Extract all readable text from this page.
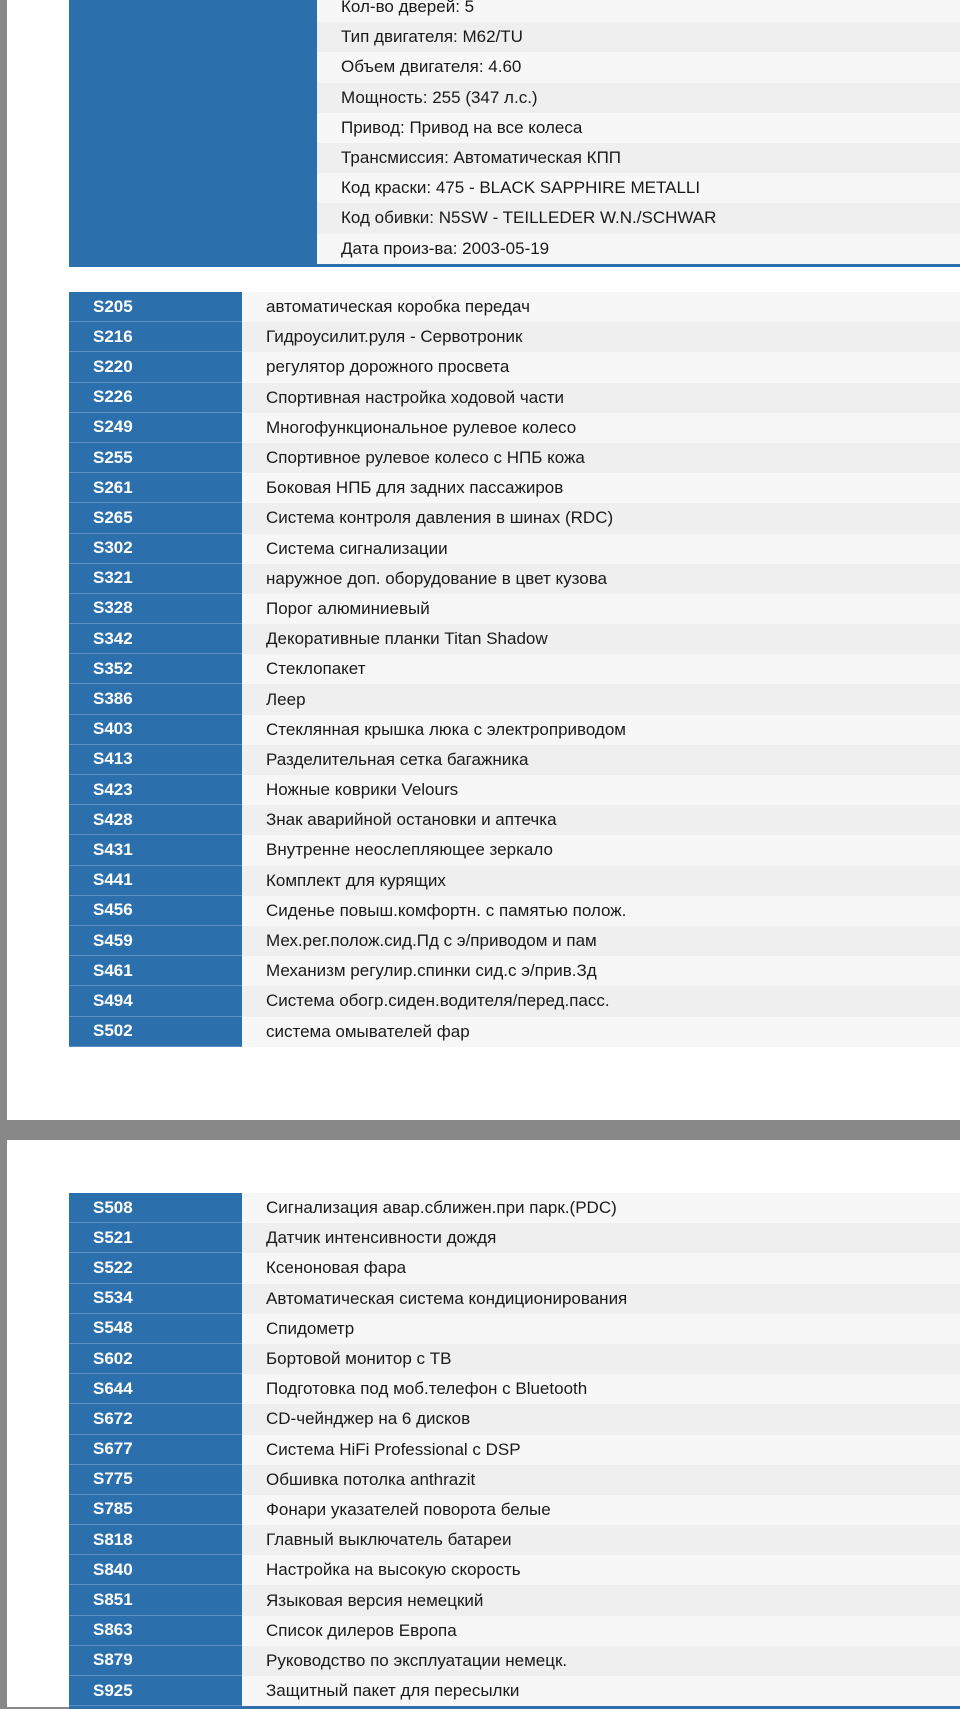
Кол-во дверей: 5
Тип двигателя: M62/TU
Объем двигателя: 4.60
Мощность: 255 (347 л.с.)
Привод: Привод на все колеса
Трансмиссия: Автоматическая КПП
Код краски: 475 - BLACK SAPPHIRE METALLI
Код обивки: N5SW - TEILLEDER W.N./SCHWAR
Дата произ-ва: 2003-05-19
S205	автоматическая коробка передач
S216	Гидроусилит.руля - Сервотроник
S220	регулятор дорожного просвета
S226	Спортивная настройка ходовой части
S249	Многофункциональное рулевое колесо
S255	Спортивное рулевое колесо с НПБ кожа
S261	Боковая НПБ для задних пассажиров
S265	Система контроля давления в шинах (RDC)
S302	Система сигнализации
S321	наружное доп. оборудование в цвет кузова
S328	Порог алюминиевый
S342	Декоративные планки Titan Shadow
S352	Стеклопакет
S386	Леер
S403	Стеклянная крышка люка с электроприводом
S413	Разделительная сетка багажника
S423	Ножные коврики Velours
S428	Знак аварийной остановки и аптечка
S431	Внутренне неослепляющее зеркало
S441	Комплект для курящих
S456	Сиденье повыш.комфортн. с памятью полож.
S459	Мех.рег.полож.сид.Пд с э/приводом и пам
S461	Механизм регулир.спинки сид.с э/прив.Зд
S494	Система обогр.сиден.водителя/перед.пасс.
S502	система омывателей фар
S508	Сигнализация авар.сближен.при парк.(PDC)
S521	Датчик интенсивности дождя
S522	Ксеноновая фара
S534	Автоматическая система кондиционирования
S548	Спидометр
S602	Бортовой монитор с ТВ
S644	Подготовка под моб.телефон с Bluetooth
S672	CD-чейнджер на 6 дисков
S677	Система HiFi Professional с DSP
S775	Обшивка потолка anthrazit
S785	Фонари указателей поворота белые
S818	Главный выключатель батареи
S840	Настройка на высокую скорость
S851	Языковая версия немецкий
S863	Список дилеров Европа
S879	Руководство по эксплуатации немецк.
S925	Защитный пакет для пересылки
